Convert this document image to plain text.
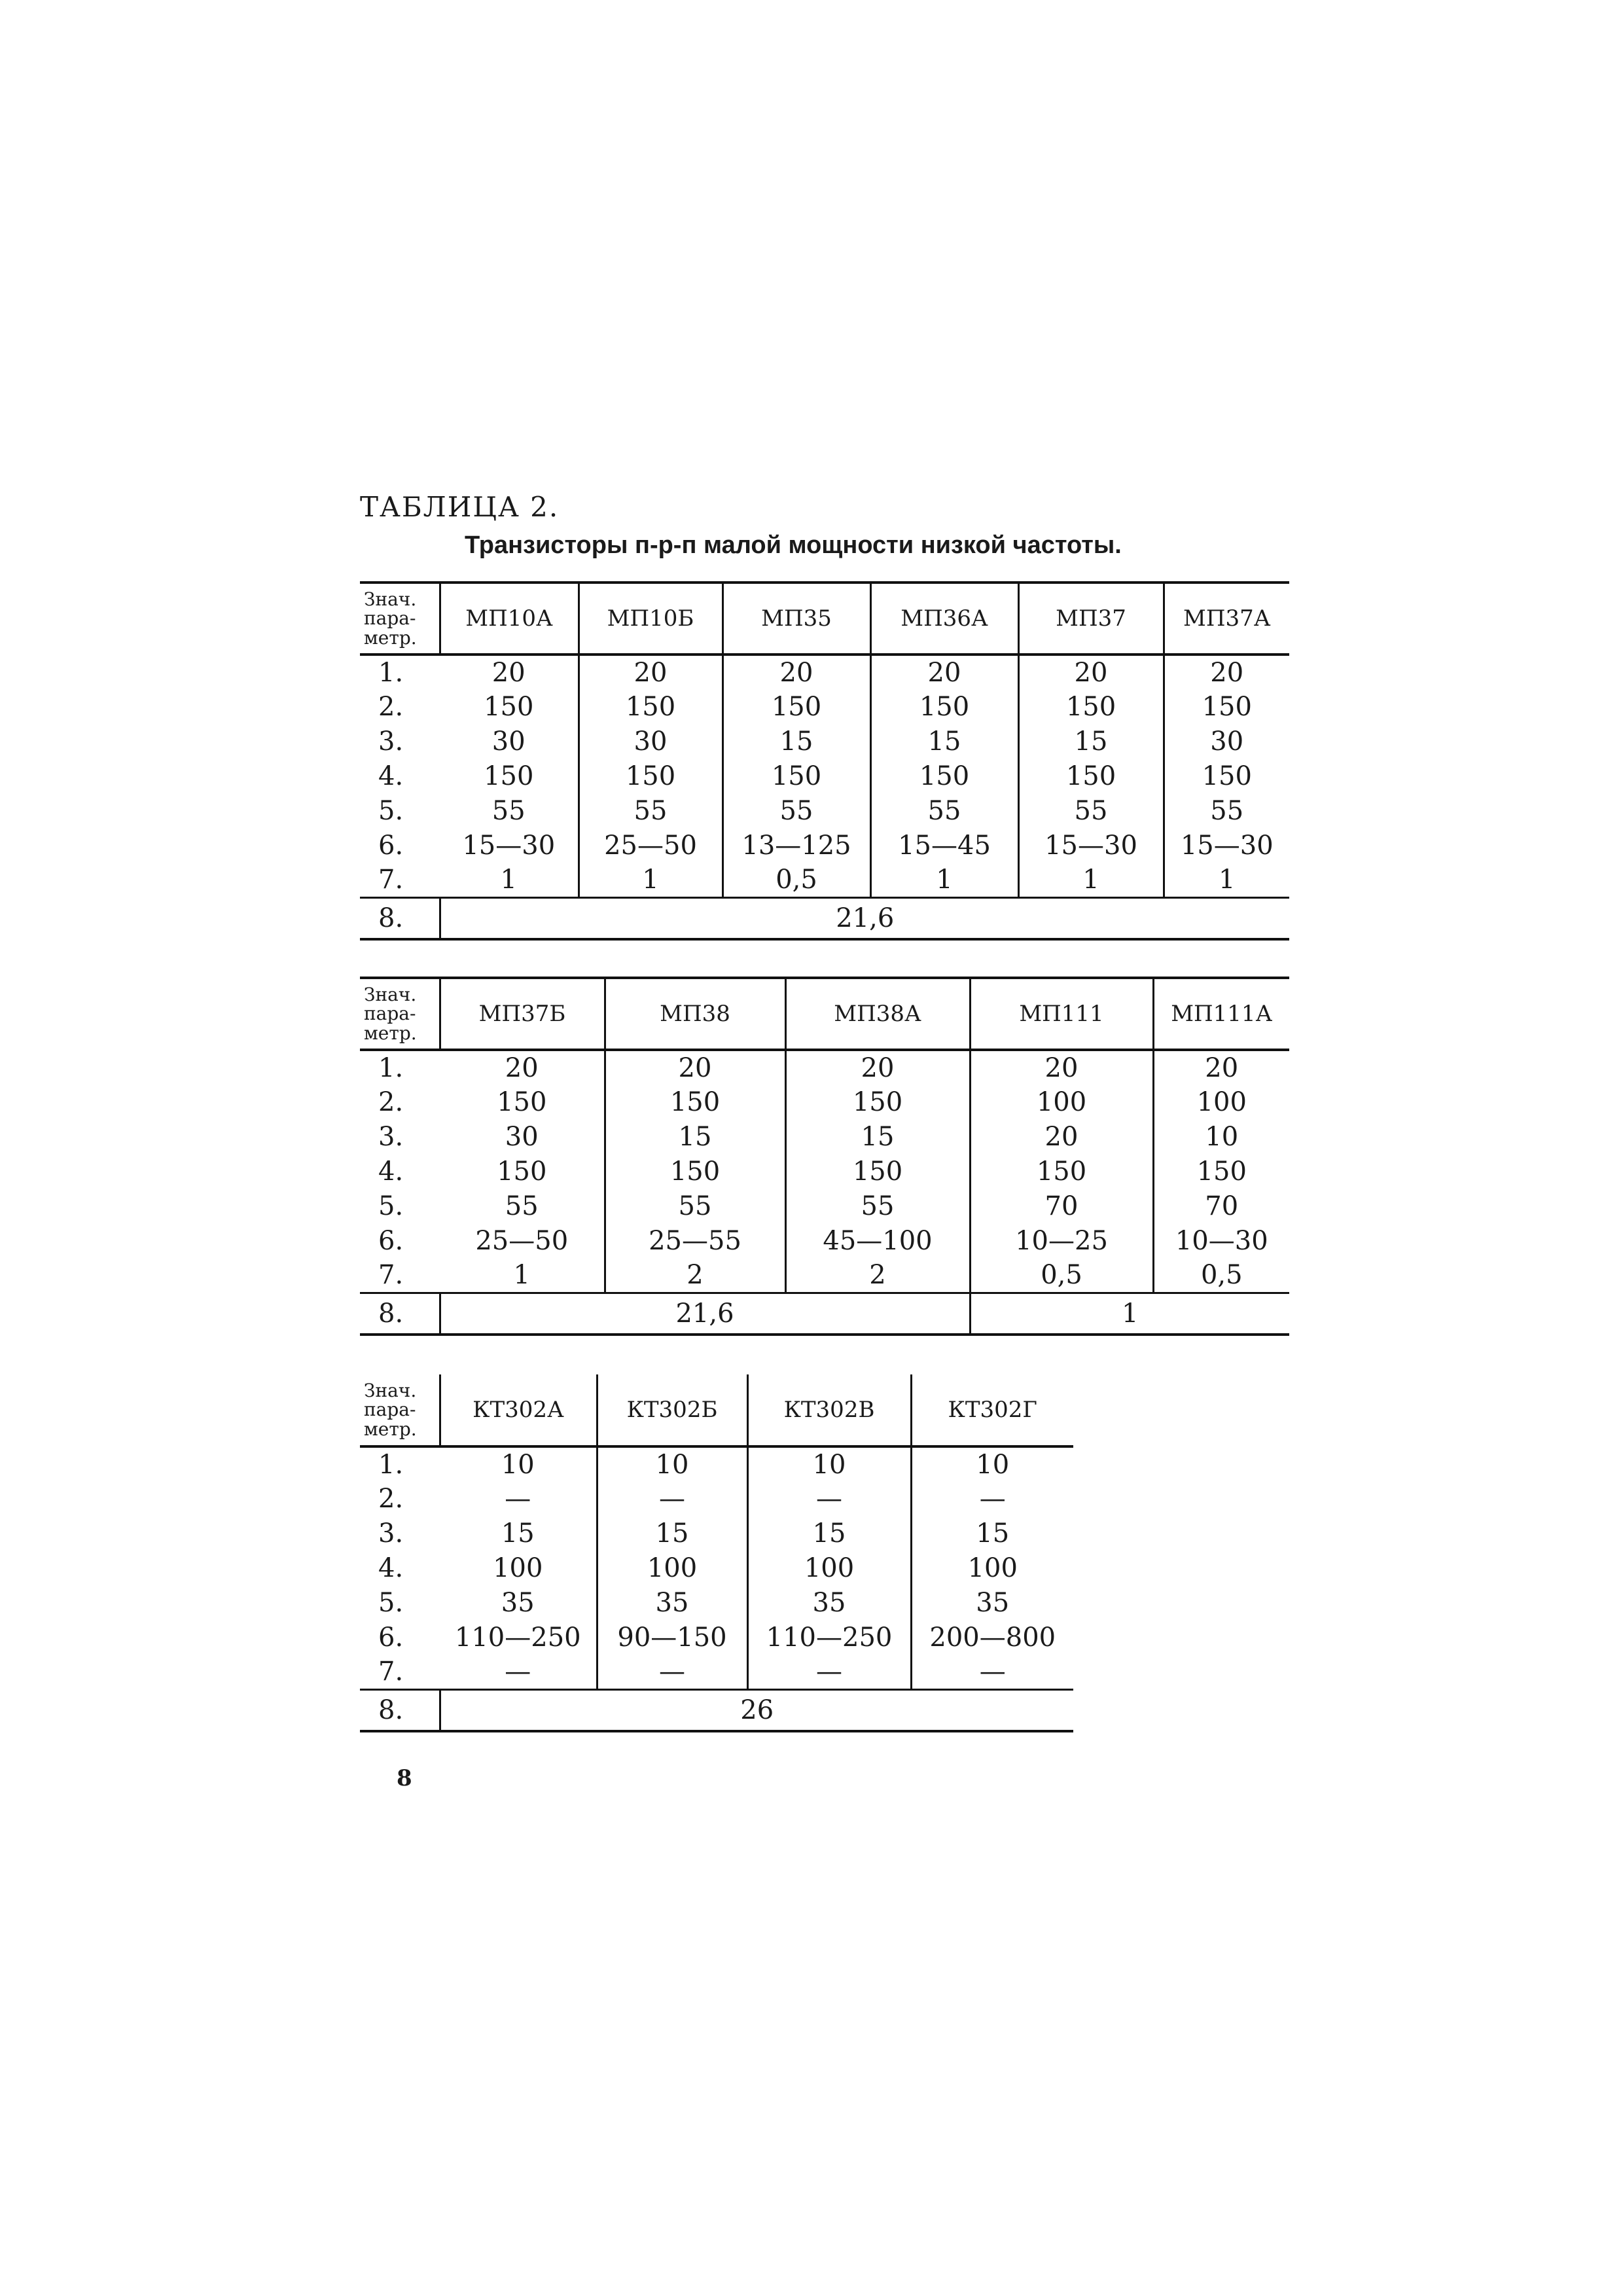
ТАБЛИЦА 2.
Транзисторы п-р-п малой мощности низкой частоты.
Знач.
пара-
метр.	МП10А	МП10Б	МП35	МП36А	МП37	МП37А
1.	20	20	20	20	20	20
2.	150	150	150	150	150	150
3.	30	30	15	15	15	30
4.	150	150	150	150	150	150
5.	55	55	55	55	55	55
6.	15—30	25—50	13—125	15—45	15—30	15—30
7.	1	1	0,5	1	1	1
8.	21,6					
Знач.
пара-
метр.	МП37Б	МП38	МП38А	МП111	МП111А
1.	20	20	20	20	20
2.	150	150	150	100	100
3.	30	15	15	20	10
4.	150	150	150	150	150
5.	55	55	55	70	70
6.	25—50	25—55	45—100	10—25	10—30
7.	1	2	2	0,5	0,5
8.	21,6			1	
Знач.
пара-
метр.	КТ302А	КТ302Б	КТ302В	КТ302Г
1.	10	10	10	10
2.	—	—	—	—
3.	15	15	15	15
4.	100	100	100	100
5.	35	35	35	35
6.	110—250	90—150	110—250	200—800
7.	—	—	—	—
8.	26			

8
